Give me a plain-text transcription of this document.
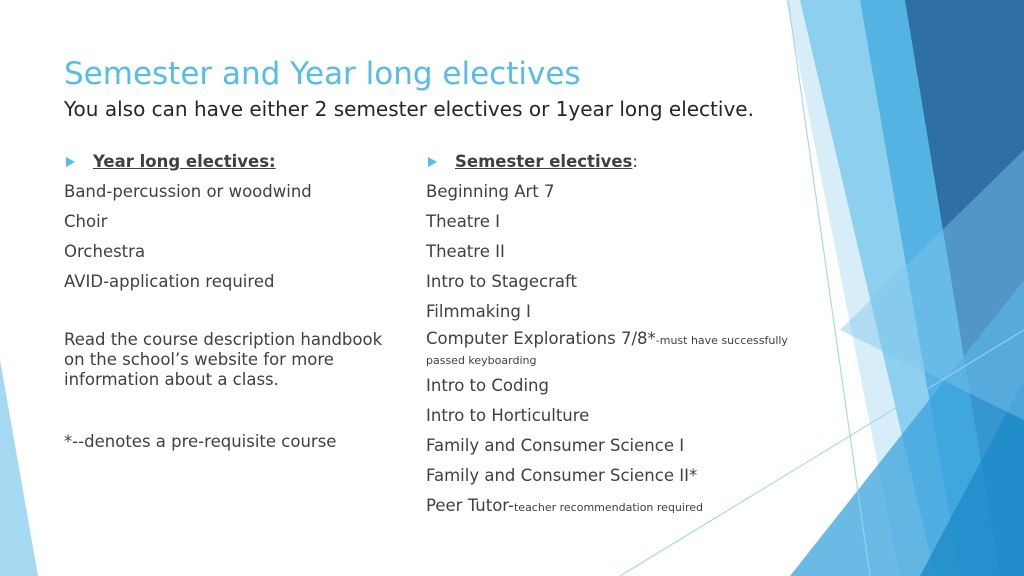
Semester and Year long electives
You also can have either 2 semester electives or 1year long elective.
Year long electives:
Band-percussion or woodwind
Choir
Orchestra
AVID-application required
Read the course description handbook on the school’s website for more information about a class.
*--denotes a pre-requisite course
Semester electives:
Beginning Art 7
Theatre I
Theatre II
Intro to Stagecraft
Filmmaking I
Computer Explorations 7/8*-must have successfully passed keyboarding
Intro to Coding
Intro to Horticulture
Family and Consumer Science I
Family and Consumer Science II*
Peer Tutor-teacher recommendation required
